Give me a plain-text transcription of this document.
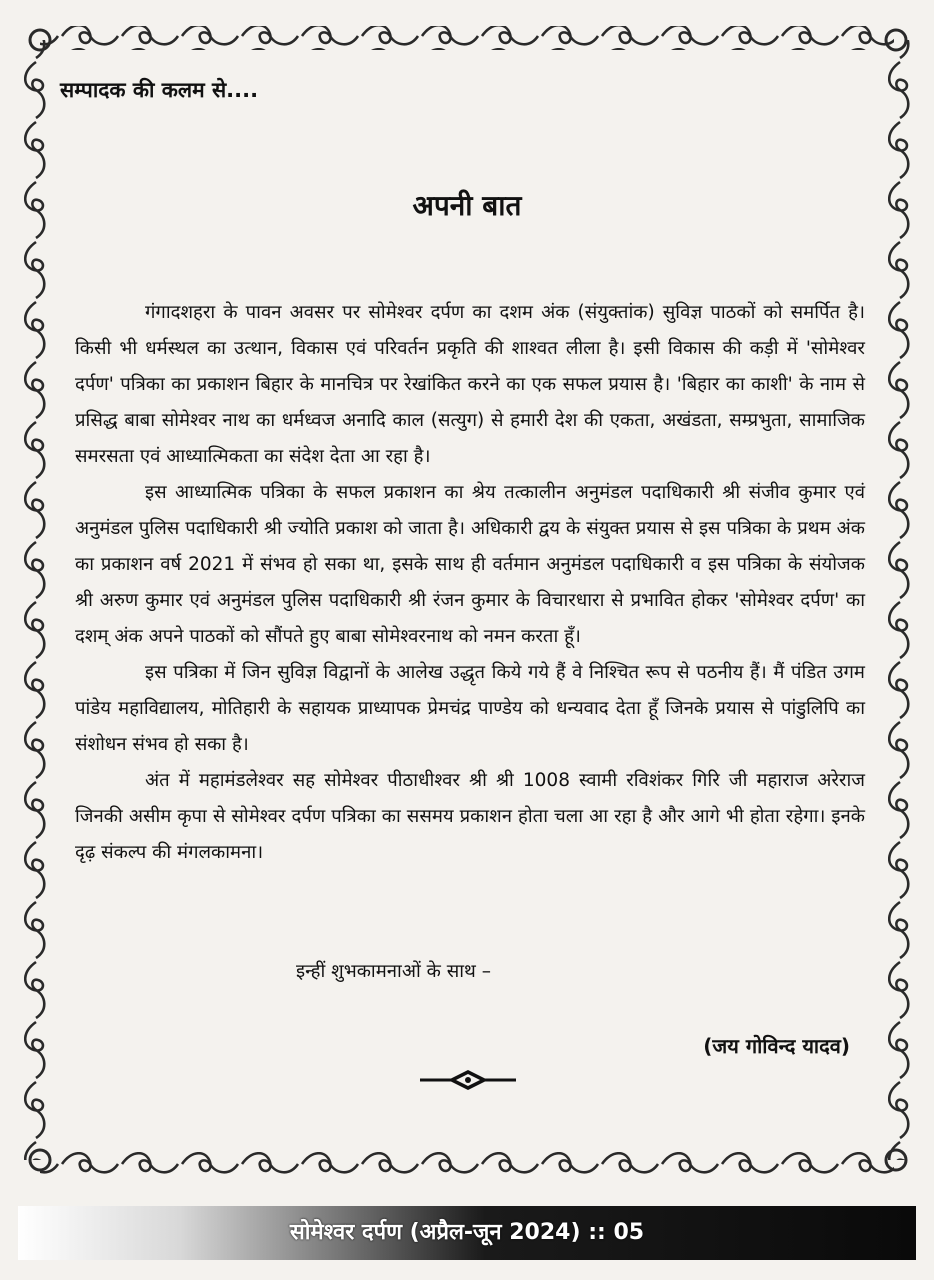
सम्पादक की कलम से....
अपनी बात

गंगादशहरा के पावन अवसर पर सोमेश्वर दर्पण का दशम अंक (संयुक्तांक) सुविज्ञ पाठकों को समर्पित है। किसी भी धर्मस्थल का उत्थान, विकास एवं परिवर्तन प्रकृति की शाश्वत लीला है। इसी विकास की कड़ी में 'सोमेश्वर दर्पण' पत्रिका का प्रकाशन बिहार के मानचित्र पर रेखांकित करने का एक सफल प्रयास है। 'बिहार का काशी' के नाम से प्रसिद्ध बाबा सोमेश्वर नाथ का धर्मध्वज अनादि काल (सत्युग) से हमारी देश की एकता, अखंडता, सम्प्रभुता, सामाजिक समरसता एवं आध्यात्मिकता का संदेश देता आ रहा है।

इस आध्यात्मिक पत्रिका के सफल प्रकाशन का श्रेय तत्कालीन अनुमंडल पदाधिकारी श्री संजीव कुमार एवं अनुमंडल पुलिस पदाधिकारी श्री ज्योति प्रकाश को जाता है। अधिकारी द्वय के संयुक्त प्रयास से इस पत्रिका के प्रथम अंक का प्रकाशन वर्ष 2021 में संभव हो सका था, इसके साथ ही वर्तमान अनुमंडल पदाधिकारी व इस पत्रिका के संयोजक श्री अरुण कुमार एवं अनुमंडल पुलिस पदाधिकारी श्री रंजन कुमार के विचारधारा से प्रभावित होकर 'सोमेश्वर दर्पण' का दशम् अंक अपने पाठकों को सौंपते हुए बाबा सोमेश्वरनाथ को नमन करता हूँ।

इस पत्रिका में जिन सुविज्ञ विद्वानों के आलेख उद्धृत किये गये हैं वे निश्चित रूप से पठनीय हैं। मैं पंडित उगम पांडेय महाविद्यालय, मोतिहारी के सहायक प्राध्यापक प्रेमचंद्र पाण्डेय को धन्यवाद देता हूँ जिनके प्रयास से पांडुलिपि का संशोधन संभव हो सका है।

अंत में महामंडलेश्वर सह सोमेश्वर पीठाधीश्वर श्री श्री 1008 स्वामी रविशंकर गिरि जी महाराज अरेराज जिनकी असीम कृपा से सोमेश्वर दर्पण पत्रिका का ससमय प्रकाशन होता चला आ रहा है और आगे भी होता रहेगा। इनके दृढ़ संकल्प की मंगलकामना।

इन्हीं शुभकामनाओं के साथ –
(जय गोविन्द यादव)
सोमेश्वर दर्पण (अप्रैल-जून 2024) :: 05
